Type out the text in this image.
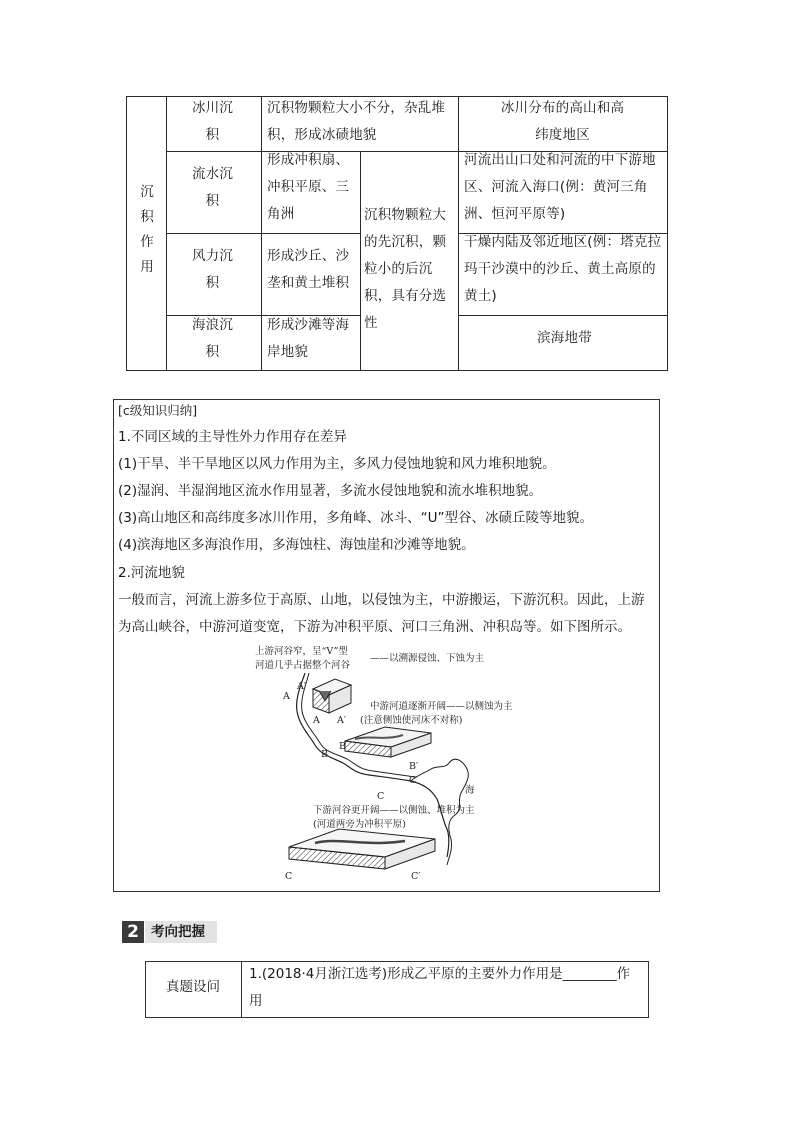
沉积作用
冰川沉积
沉积物颗粒大小不分，杂乱堆积，形成冰碛地貌
冰川分布的高山和高纬度地区
流水沉积
形成冲积扇、冲积平原、三角洲
河流出山口处和河流的中下游地区、河流入海口(例：黄河三角洲、恒河平原等)
沉积物颗粒大的先沉积，颗粒小的后沉积，具有分选性
风力沉积
形成沙丘、沙垄和黄土堆积
干燥内陆及邻近地区(例：塔克拉玛干沙漠中的沙丘、黄土高原的黄土)
海浪沉积
形成沙滩等海岸地貌
滨海地带
[c级知识归纳]
1.不同区域的主导性外力作用存在差异
(1)干旱、半干旱地区以风力作用为主，多风力侵蚀地貌和风力堆积地貌。
(2)湿润、半湿润地区流水作用显著，多流水侵蚀地貌和流水堆积地貌。
(3)高山地区和高纬度多冰川作用，多角峰、冰斗、“U”型谷、冰碛丘陵等地貌。
(4)滨海地区多海浪作用，多海蚀柱、海蚀崖和沙滩等地貌。
2.河流地貌
一般而言，河流上游多位于高原、山地，以侵蚀为主，中游搬运，下游沉积。因此，上游为高山峡谷，中游河道变宽，下游为冲积平原、河口三角洲、冲积岛等。如下图所示。
上游河谷窄，呈“V”型
——以溯源侵蚀、下蚀为主
河道几乎占据整个河谷
A
A′
A A′
中游河道逐渐开阔——以侧蚀为主
(注意侧蚀使河床不对称)
B
B
B′
C′
C
海
下游河谷更开阔——以侧蚀、堆积为主
(河道两旁为冲积平原)
C	C′
2 考向把握
真题设问
1.(2018·4月浙江选考)形成乙平原的主要外力作用是________作用
